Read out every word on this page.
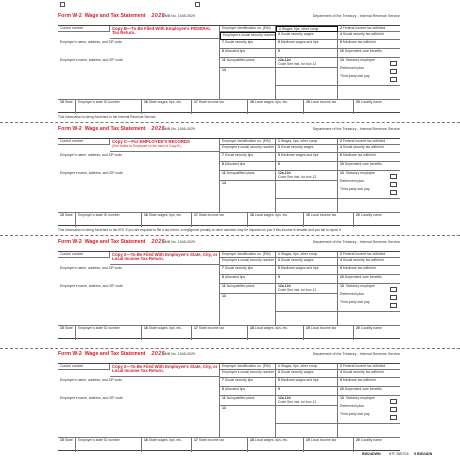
Form W-2 Wage and Tax Statement 2025
OMB No. 1545-0029	Department of the Treasury - Internal Revenue Service
Control number	Copy B—To Be Filed With Employee's FEDERAL Tax Return.

Employer identification no. (EIN) 1Wages, tips, other comp.	2Federal income tax withheld
Employer's name, address, and ZIP code
Employee's social security number 3Social security wages	4Social security tax withheld
7Social security tips	5Medicare wages and tips	6Medicare tax withheld
8Allocated tips	9	10Dependent care benefits
Employee's name, address, and ZIP code	11Nonqualified plans	12a-12d
Code See inst. for box 12
13 Statutory employee

Retirement plan

Third-party sick pay
14
15State Employer's state ID number	16State wages, tips, etc.	17State income tax	18Local wages, tips, etc.	19Local income tax	20Locality name
This information is being furnished to the Internal Revenue Service.
Form W-2 Wage and Tax Statement 2025
OMB No. 1545-0029	Department of the Treasury - Internal Revenue Service
Control number	Copy C—For EMPLOYEE'S RECORDS
(See Notice to Employee on the back of Copy B.)
Employer identification no. (EIN) 1Wages, tips, other comp.	2Federal income tax withheld
Employer's name, address, and ZIP code
Employee's social security number 3Social security wages	4Social security tax withheld
7Social security tips	5Medicare wages and tips	6Medicare tax withheld
8Allocated tips	9	10Dependent care benefits
Employee's name, address, and ZIP code	11Nonqualified plans	12a-12d
Code See inst. for box 12
13 Statutory employee

Retirement plan

Third-party sick pay
14
15State Employer's state ID number	16State wages, tips, etc.	17State income tax	18Local wages, tips, etc.	19Local income tax	20Locality name
This information is being furnished to the IRS. If you are required to file a tax return, a negligence penalty or other sanction may be imposed on you if this income is taxable and you fail to report it.
Form W-2 Wage and Tax Statement 2025
OMB No. 1545-0029	Department of the Treasury - Internal Revenue Service
Control number	Copy 2—To Be Filed With Employee's State, City, or Local Income Tax Return.

Employer identification no. (EIN) 1Wages, tips, other comp.	2Federal income tax withheld
Employer's name, address, and ZIP code
Employee's social security number 3Social security wages	4Social security tax withheld
7Social security tips	5Medicare wages and tips	6Medicare tax withheld
8Allocated tips	9	10Dependent care benefits
Employee's name, address, and ZIP code	11Nonqualified plans	12a-12d
Code See inst. for box 12
13 Statutory employee

Retirement plan

Third-party sick pay
14
15State Employer's state ID number	16State wages, tips, etc.	17State income tax	18Local wages, tips, etc.	19Local income tax	20Locality name
Form W-2 Wage and Tax Statement 2025
OMB No. 1545-0029	Department of the Treasury - Internal Revenue Service
Control number	Copy 2—To Be Filed With Employee's State, City, or Local Income Tax Return.

Employer identification no. (EIN) 1Wages, tips, other comp.	2Federal income tax withheld
Employer's name, address, and ZIP code
Employee's social security number 3Social security wages	4Social security tax withheld
7Social security tips	5Medicare wages and tips	6Medicare tax withheld
8Allocated tips	9	10Dependent care benefits
Employee's name, address, and ZIP code	11Nonqualified plans	12a-12d
Code See inst. for box 12
13 Statutory employee

Retirement plan

Third-party sick pay
14
15State Employer's state ID number	16State wages, tips, etc.	17State income tax	18Local wages, tips, etc.	19Local income tax	20Locality name
BW24DWN	NTF 25/07/15 5 BW24DN
